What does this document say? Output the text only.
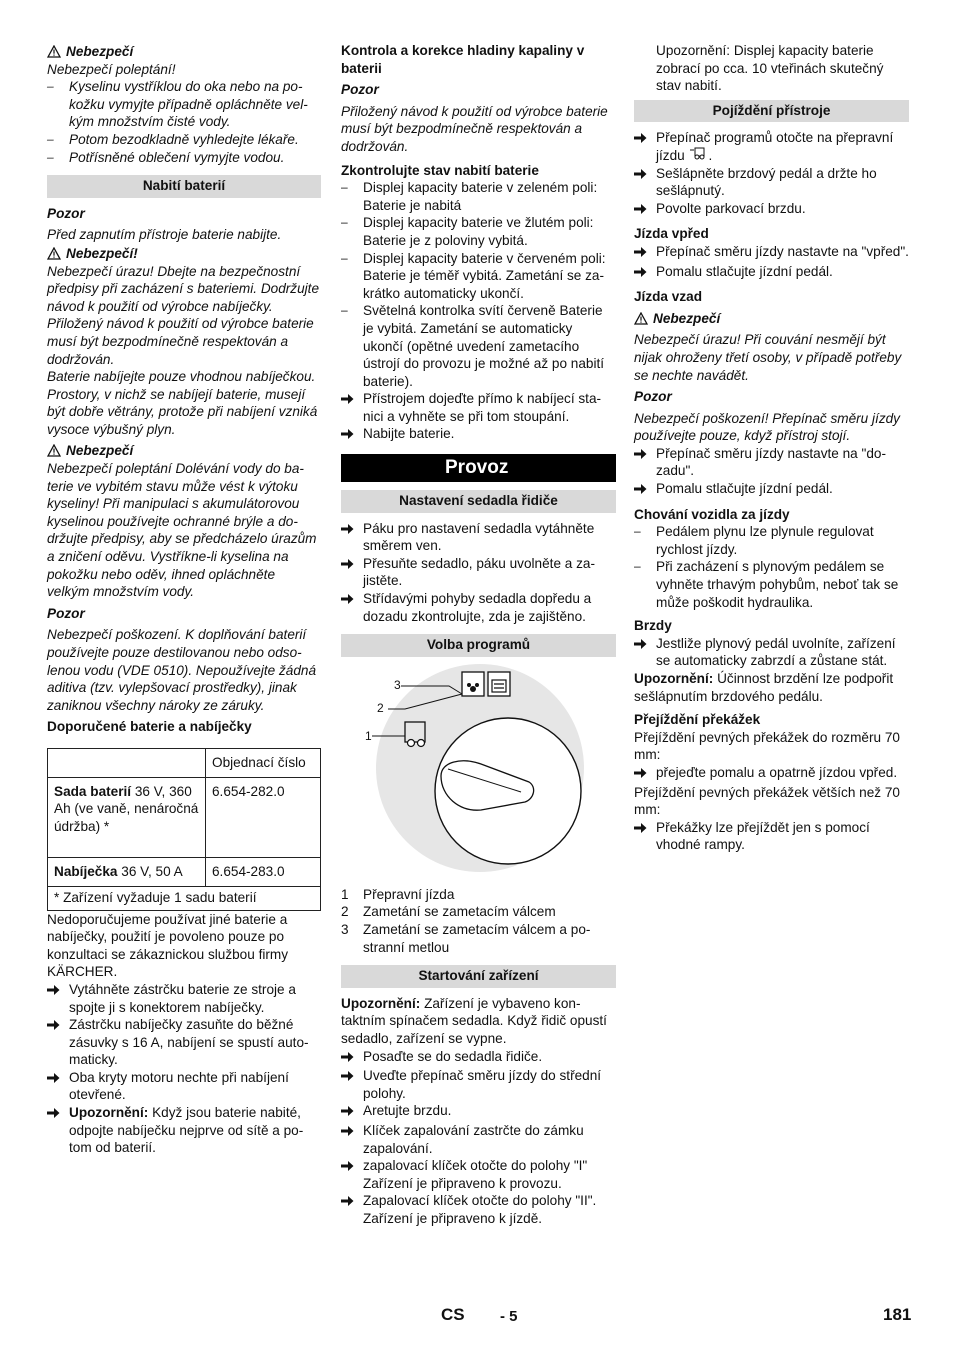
Nebezpečí

Nebezpečí poleptání!

–	Kyselinu vystříklou do oka nebo na pokožku vymyjte případně opláchněte velkým množstvím čisté vody.
–	Potom bezodkladně vyhledejte lékaře.
–	Potřísněné oblečení vymyjte vodou.
Nabití baterií

Pozor

Před zapnutím přístroje baterie nabijte.

Nebezpečí!

Nebezpečí úrazu! Dbejte na bezpečnostní předpisy při zacházení s bateriemi. Dodržujte návod k použití od výrobce nabíječky. Přiložený návod k použití od výrobce baterie musí být bezpodmínečně respektován a dodržován.

Baterie nabíjejte pouze vhodnou nabíječkou.

Prostory, v nichž se nabíjejí baterie, musejí být dobře větrány, protože při nabíjení vzniká vysoce výbušný plyn.

Nebezpečí

Nebezpečí poleptání Dolévání vody do baterie ve vybitém stavu může vést k výtoku kyseliny! Při manipulaci s akumulátorovou kyselinou používejte ochranné brýle a dodržujte předpisy, aby se předcházelo úrazům a zničení oděvu. Vystříkne-li kyselina na pokožku nebo oděv, ihned opláchněte velkým množstvím vody.

Pozor

Nebezpečí poškození. K doplňování baterií používejte pouze destilovanou nebo odsolenou vodu (VDE 0510). Nepoužívejte žádná aditiva (tzv. vylepšovací prostředky), jinak zaniknou všechny nároky ze záruky.

Doporučené baterie a nabíječky

	Objednací číslo
Sada baterií 36 V, 360 Ah (ve vaně, nenáročná údržba) *	6.654-282.0
Nabíječka 36 V, 50 A	6.654-283.0
* Zařízení vyžaduje 1 sadu baterií	

Nedoporučujeme používat jiné baterie a nabíječky, použití je povoleno pouze po konzultaci se zákaznickou službou firmy KÄRCHER.

Vytáhněte zástrčku baterie ze stroje a spojte ji s konektorem nabíječky.
Zástrčku nabíječky zasuňte do běžné zásuvky s 16 A, nabíjení se spustí automaticky.
Oba kryty motoru nechte při nabíjení otevřené.
Upozornění: Když jsou baterie nabité, odpojte nabíječku nejprve od sítě a potom od baterií.

Kontrola a korekce hladiny kapaliny v baterii

Pozor

Přiložený návod k použití od výrobce baterie musí být bezpodmínečně respektován a dodržován.

Zkontrolujte stav nabití baterie

–	Displej kapacity baterie v zeleném poli: Baterie je nabitá
–	Displej kapacity baterie ve žlutém poli: Baterie je z poloviny vybitá.
–	Displej kapacity baterie v červeném poli: Baterie je téměř vybitá. Zametání se zakrátko automaticky ukončí.
–	Světelná kontrolka svítí červeně Baterie je vybitá. Zametání se automaticky ukončí (opětné uvedení zametacího ústrojí do provozu je možné až po nabití baterie).
Přístrojem dojeďte přímo k nabíjecí stanici a vyhněte se při tom stoupání.
Nabijte baterie.
Provoz
Nastavení sedadla řidiče
Páku pro nastavení sedadla vytáhněte směrem ven.
Přesuňte sedadlo, páku uvolněte a zajistěte.
Střídavými pohyby sedadla dopředu a dozadu zkontrolujte, zda je zajištěno.
Volba programů
3
2
1
1	Přepravní jízda
2	Zametání se zametacím válcem
3	Zametání se zametacím válcem a postranní metlou
Startování zařízení

Upozornění: Zařízení je vybaveno kontaktním spínačem sedadla. Když řidič opustí sedadlo, zařízení se vypne.

Posaďte se do sedadla řidiče.
Uveďte přepínač směru jízdy do střední polohy.
Aretujte brzdu.
Klíček zapalování zastrčte do zámku zapalování.
zapalovací klíček otočte do polohy "I" Zařízení je připraveno k provozu.
Zapalovací klíček otočte do polohy "II". Zařízení je připraveno k jízdě.

Upozornění: Displej kapacity baterie zobrací po cca. 10 vteřinách skutečný stav nabití.

Pojíždění přístroje
Přepínač programů otočte na přepravní jízdu .
Sešlápněte brzdový pedál a držte ho sešlápnutý.
Povolte parkovací brzdu.

Jízda vpřed

Přepínač směru jízdy nastavte na "vpřed".
Pomalu stlačujte jízdní pedál.

Jízda vzad

Nebezpečí

Nebezpečí úrazu! Při couvání nesmějí být nijak ohroženy třetí osoby, v případě potřeby se nechte navádět.

Pozor

Nebezpečí poškození! Přepínač směru jízdy používejte pouze, když přístroj stojí.

Přepínač směru jízdy nastavte na "dozadu".
Pomalu stlačujte jízdní pedál.

Chování vozidla za jízdy

–	Pedálem plynu lze plynule regulovat rychlost jízdy.
–	Při zacházení s plynovým pedálem se vyhněte trhavým pohybům, neboť tak se může poškodit hydraulika.

Brzdy

Jestliže plynový pedál uvolníte, zařízení se automaticky zabrzdí a zůstane stát.

Upozornění: Účinnost brzdění lze podpořit sešlápnutím brzdového pedálu.

Přejíždění překážek

Přejíždění pevných překážek do rozměru 70 mm:

přejeďte pomalu a opatrně jízdou vpřed.

Přejíždění pevných překážek větších než 70 mm:

Překážky lze přejíždět jen s pomocí vhodné rampy.
CS - 5	181
